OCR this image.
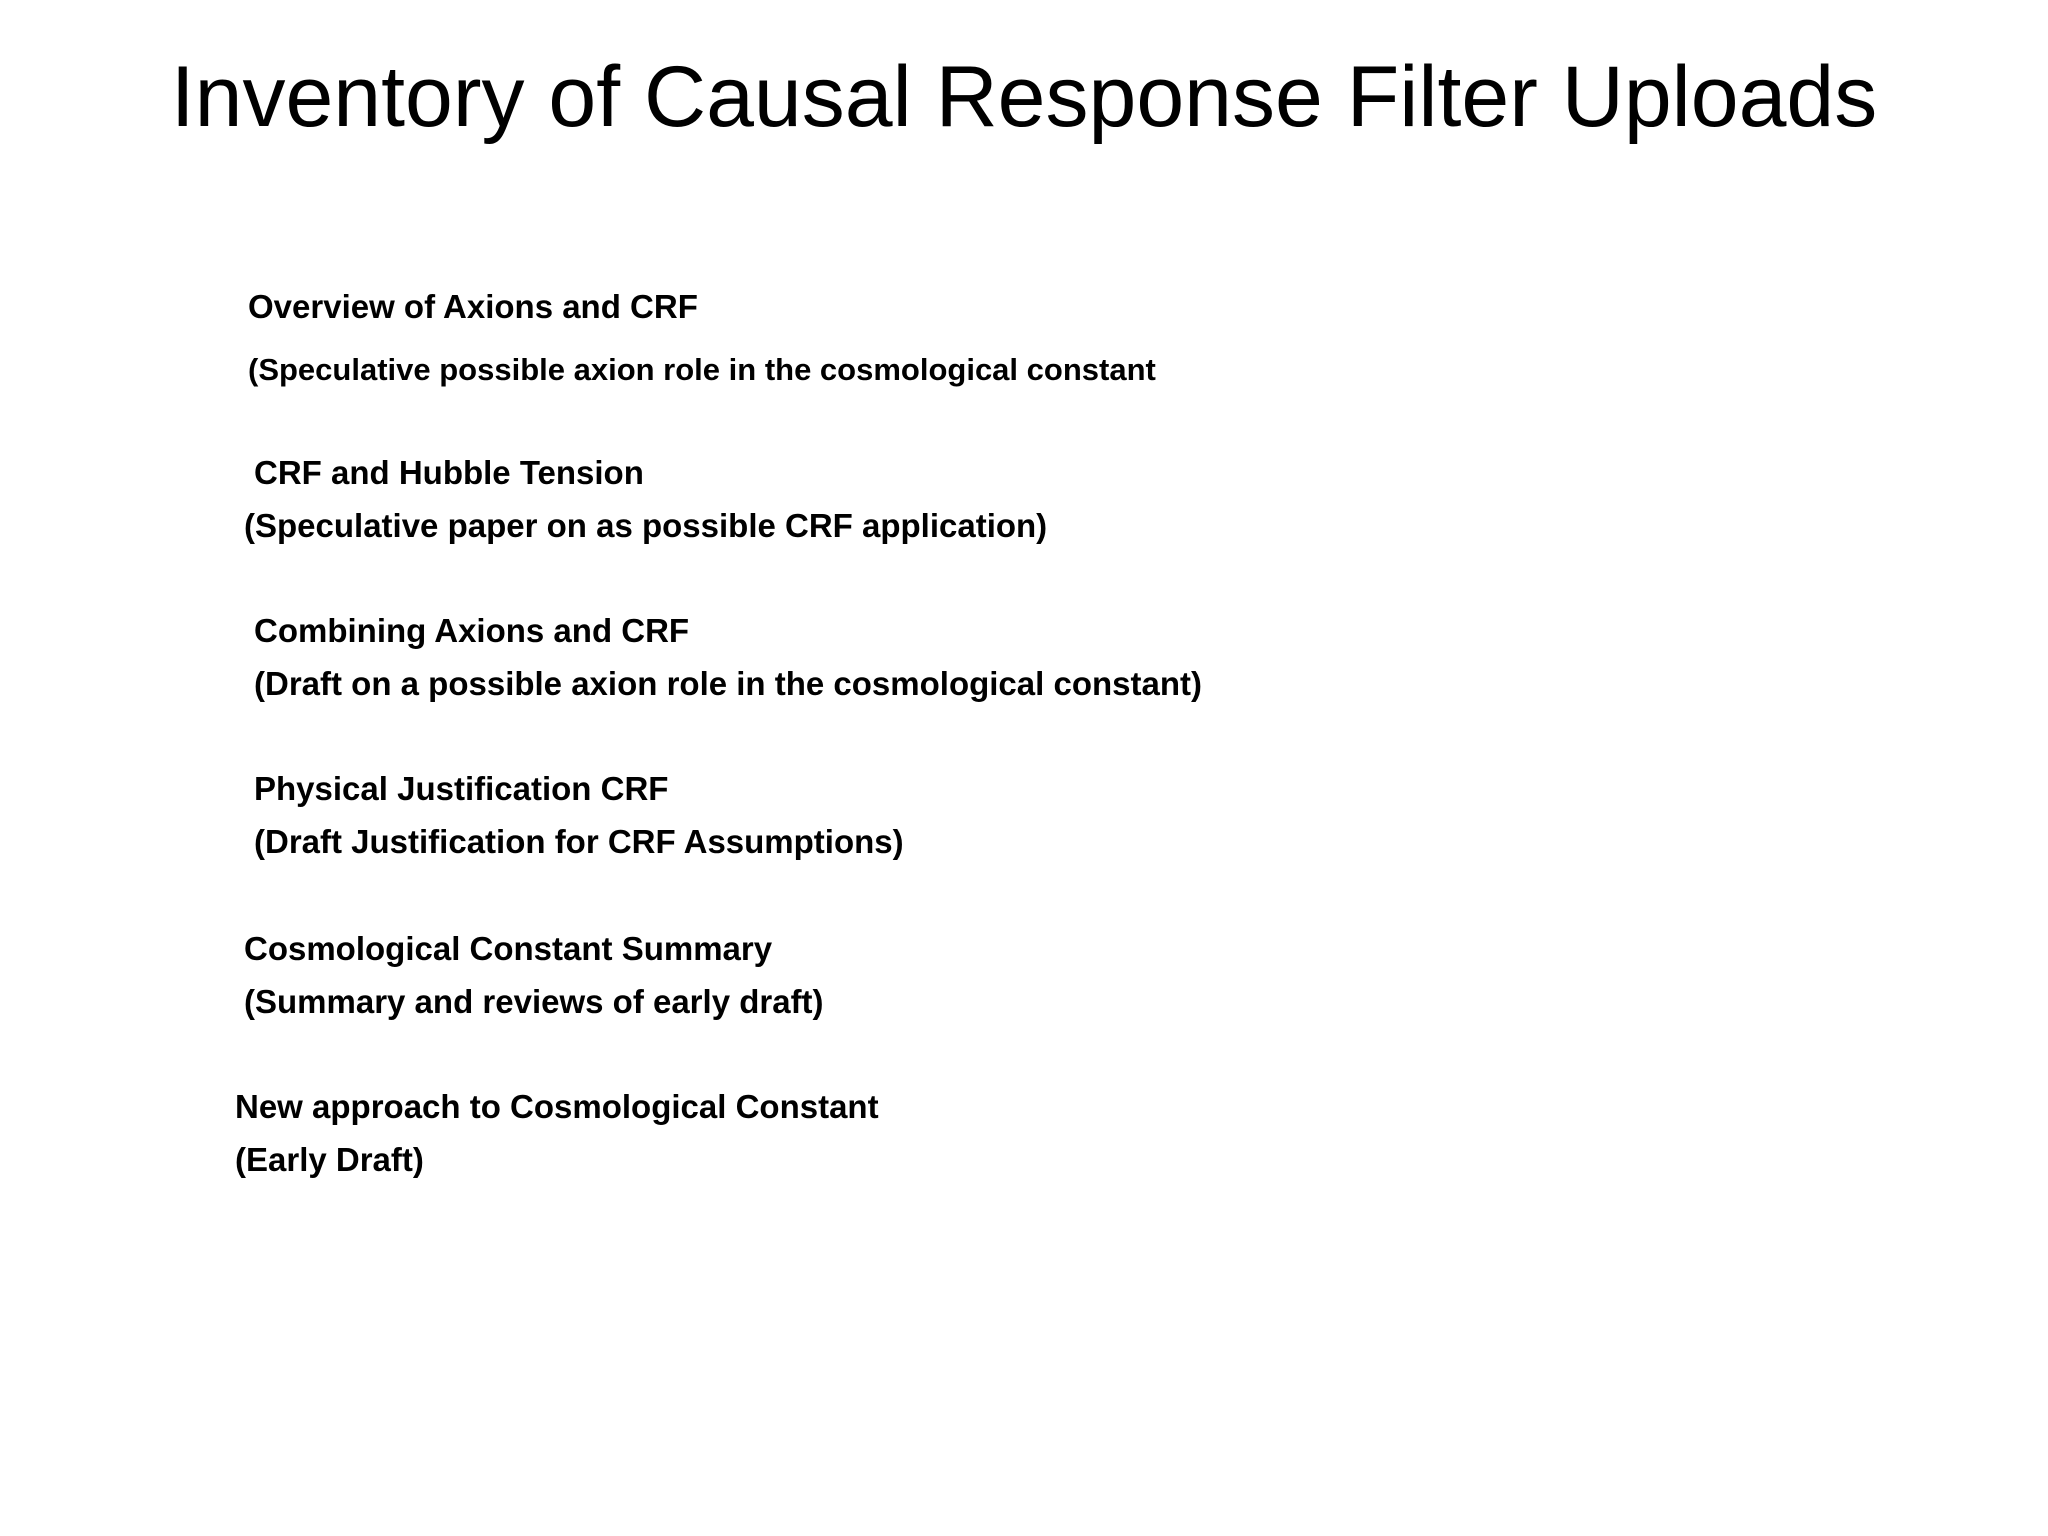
Inventory of Causal Response Filter Uploads
Overview of Axions and CRF
(Speculative possible axion role in the cosmological constant
CRF and Hubble Tension
(Speculative paper on as possible CRF application)
Combining Axions and CRF
(Draft on a possible axion role in the cosmological constant)
Physical Justification CRF
(Draft Justification for CRF Assumptions)
Cosmological Constant Summary
(Summary and reviews of early draft)
New approach to Cosmological Constant
(Early Draft)
